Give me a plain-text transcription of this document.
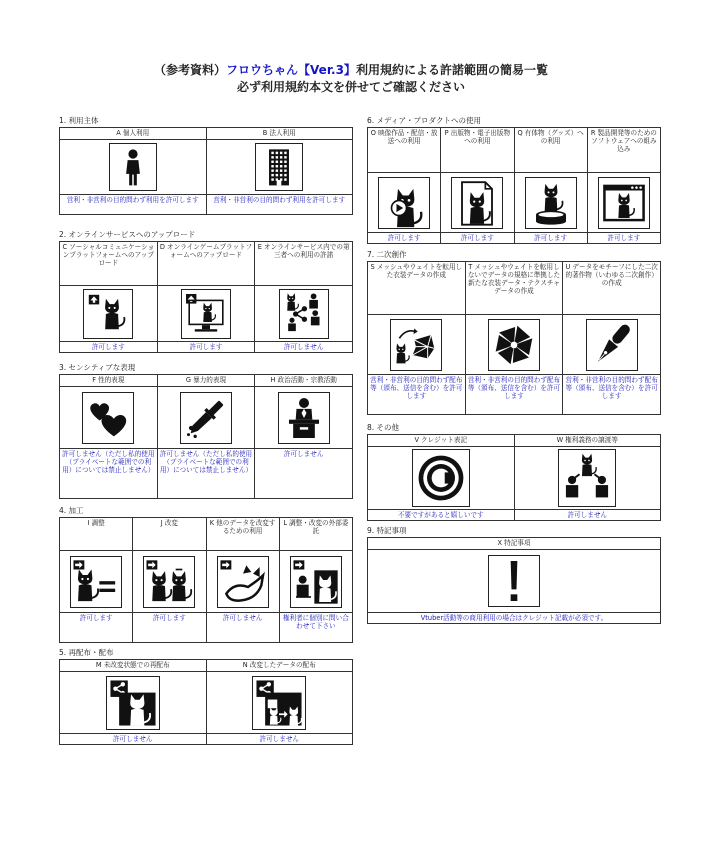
（参考資料）フロウちゃん【Ver.3】利用規約による許諾範囲の簡易一覧
必ず利用規約本文を併せてご確認ください
1. 利用主体
A 個人利用	B 法人利用

営利・非営利の目的問わず利用を許可します	営利・非営利の目的問わず利用を許可します
2. オンラインサービスへのアップロード
C ソーシャルコミュニケーションプラットフォームへのアップロード	D オンラインゲームプラットフォームへのアップロード	E オンラインサービス内での第三者への利用の許諾

許可します	許可します	許可しません
3. センシティブな表現
F 性的表現	G 暴力的表現	H 政治活動・宗教活動

許可しません（ただし私的使用（プライベートな範囲での利用）については禁止しません）	許可しません（ただし私的使用（プライベートな範囲での利用）については禁止しません）	許可しません
4. 加工
I 調整	J 改変	K 他のデータを改変するための利用	L 調整・改変の外部委託

許可します	許可します	許可しません	権利者に個別に問い合わせて下さい
5. 再配布・配布
M 未改変状態での再配布	N 改変したデータの配布

許可しません	許可しません
6. メディア・プロダクトへの使用
O 映像作品・配信・放送への利用	P 出版物・電子出版物への利用	Q 有体物（グッズ）への利用	R 製品開発等のためのソフトウェアへの組み込み

許可します	許可します	許可します	許可します
7. 二次創作
S メッシュやウェイトを転用した衣装データの作成	T メッシュやウェイトを転用しないでデータの規格に準拠した新たな衣装データ・テクスチャデータの作成	U データをモチーフにした二次的著作物（いわゆる二次創作）の作成

営利・非営利の目的問わず配布等（頒布、送信を含む）を許可します	営利・非営利の目的問わず配布等（頒布、送信を含む）を許可します	営利・非営利の目的問わず配布等（頒布、送信を含む）を許可します
8. その他
V クレジット表記	W 権利義務の譲渡等

不要ですがあると嬉しいです	許可しません
9. 特記事項
X 特記事項

Vtuber活動等の商用利用の場合はクレジット記載が必須です。
